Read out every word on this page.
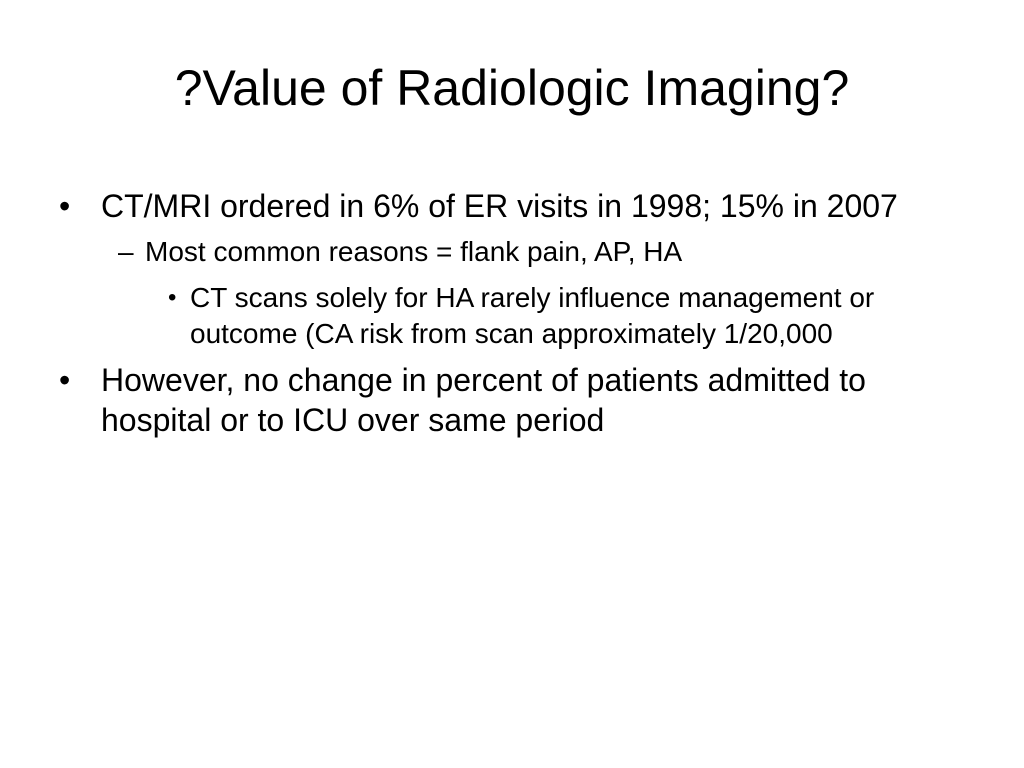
?Value of Radiologic Imaging?
• CT/MRI ordered in 6% of ER visits in 1998; 15% in 2007
– Most common reasons = flank pain, AP, HA
• CT scans solely for HA rarely influence management or outcome (CA risk from scan approximately 1/20,000
• However, no change in percent of patients admitted to hospital or to ICU over same period
